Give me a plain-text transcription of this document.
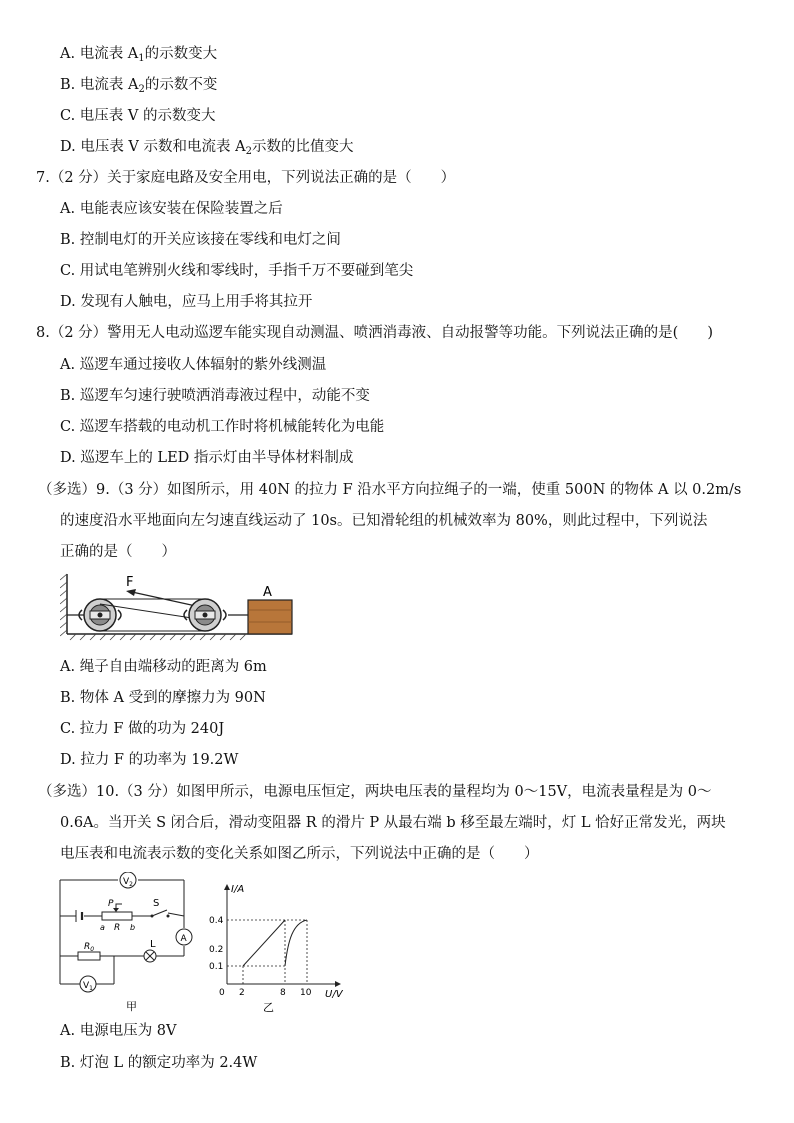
A. 电流表 $A_1$的示数变大
B. 电流表 $A_2$的示数不变
C. 电压表 V 的示数变大
D. 电压表 V 示数和电流表 $A_2$示数的比值变大
7.（2 分）关于家庭电路及安全用电，下列说法正确的是（　　）
A. 电能表应该安装在保险装置之后
B. 控制电灯的开关应该接在零线和电灯之间
C. 用试电笔辨别火线和零线时，手指千万不要碰到笔尖
D. 发现有人触电，应马上用手将其拉开
8.（2 分）警用无人电动巡逻车能实现自动测温、喷洒消毒液、自动报警等功能。下列说法正确的是(　　)
A. 巡逻车通过接收人体辐射的紫外线测温
B. 巡逻车匀速行驶喷洒消毒液过程中，动能不变
C. 巡逻车搭载的电动机工作时将机械能转化为电能
D. 巡逻车上的 LED 指示灯由半导体材料制成
（多选）9.（3 分）如图所示，用 40N 的拉力 F 沿水平方向拉绳子的一端，使重 500N 的物体 A 以 0.2m/s
的速度沿水平地面向左匀速直线运动了 10s。已知滑轮组的机械效率为 80%，则此过程中，下列说法
正确的是（　　）
F
A
A. 绳子自由端移动的距离为 6m
B. 物体 A 受到的摩擦力为 90N
C. 拉力 F 做的功为 240J
D. 拉力 F 的功率为 19.2W
（多选）10.（3 分）如图甲所示，电源电压恒定，两块电压表的量程均为 0～15V，电流表量程是为 0～
0.6A。当开关 S 闭合后，滑动变阻器 R 的滑片 P 从最右端 b 移至最左端时，灯 L 恰好正常发光，两块
电压表和电流表示数的变化关系如图乙所示，下列说法中正确的是（　　）
P
a R b
S
$V_2$
A
$R_0$	L
$V_1$
甲
I/A
U/V
0 2	8 10
0.4
0.2
0.1
乙
A. 电源电压为 8V
B. 灯泡 L 的额定功率为 2.4W
